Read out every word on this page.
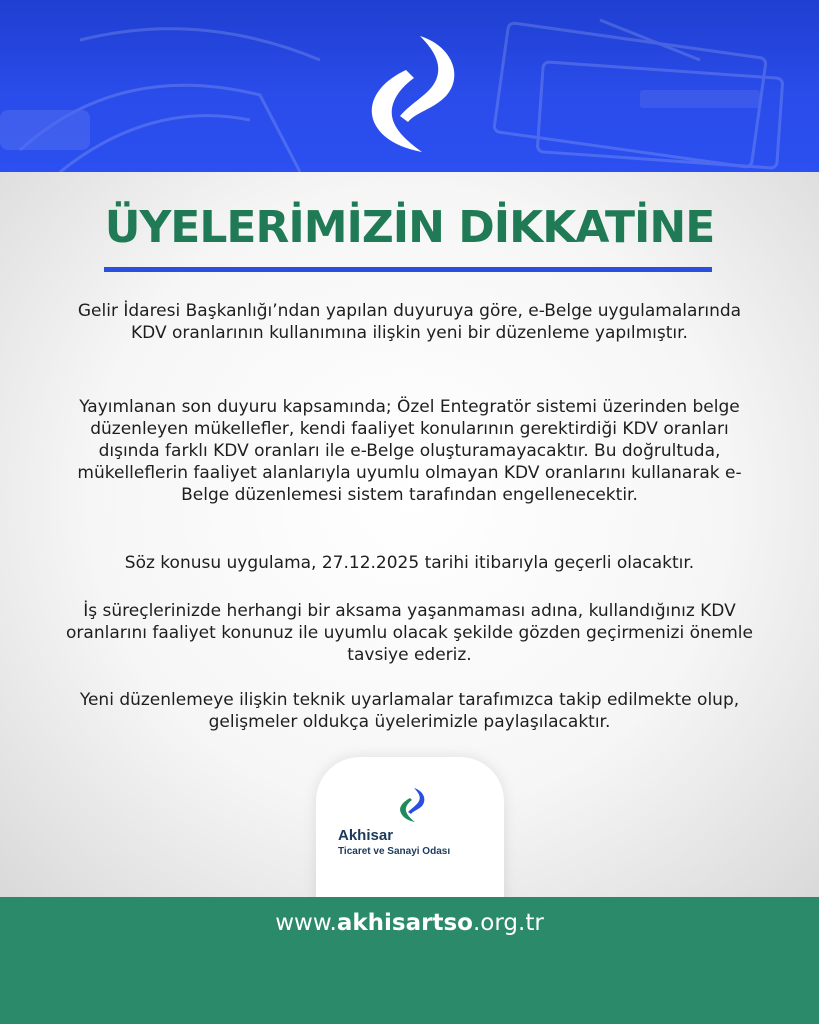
ÜYELERİMİZİN DİKKATİNE

Gelir İdaresi Başkanlığı’ndan yapılan duyuruya göre, e-Belge uygulamalarında KDV oranlarının kullanımına ilişkin yeni bir düzenleme yapılmıştır.

Yayımlanan son duyuru kapsamında; Özel Entegratör sistemi üzerinden belge düzenleyen mükellefler, kendi faaliyet konularının gerektirdiği KDV oranları dışında farklı KDV oranları ile e-Belge oluşturamayacaktır. Bu doğrultuda, mükelleflerin faaliyet alanlarıyla uyumlu olmayan KDV oranlarını kullanarak e-Belge düzenlemesi sistem tarafından engellenecektir.

Söz konusu uygulama, 27.12.2025 tarihi itibarıyla geçerli olacaktır.

İş süreçlerinizde herhangi bir aksama yaşanmaması adına, kullandığınız KDV oranlarını faaliyet konunuz ile uyumlu olacak şekilde gözden geçirmenizi önemle tavsiye ederiz.

Yeni düzenlemeye ilişkin teknik uyarlamalar tarafımızca takip edilmekte olup, gelişmeler oldukça üyelerimizle paylaşılacaktır.

Akhisar
Ticaret ve Sanayi Odası
www.akhisartso.org.tr
